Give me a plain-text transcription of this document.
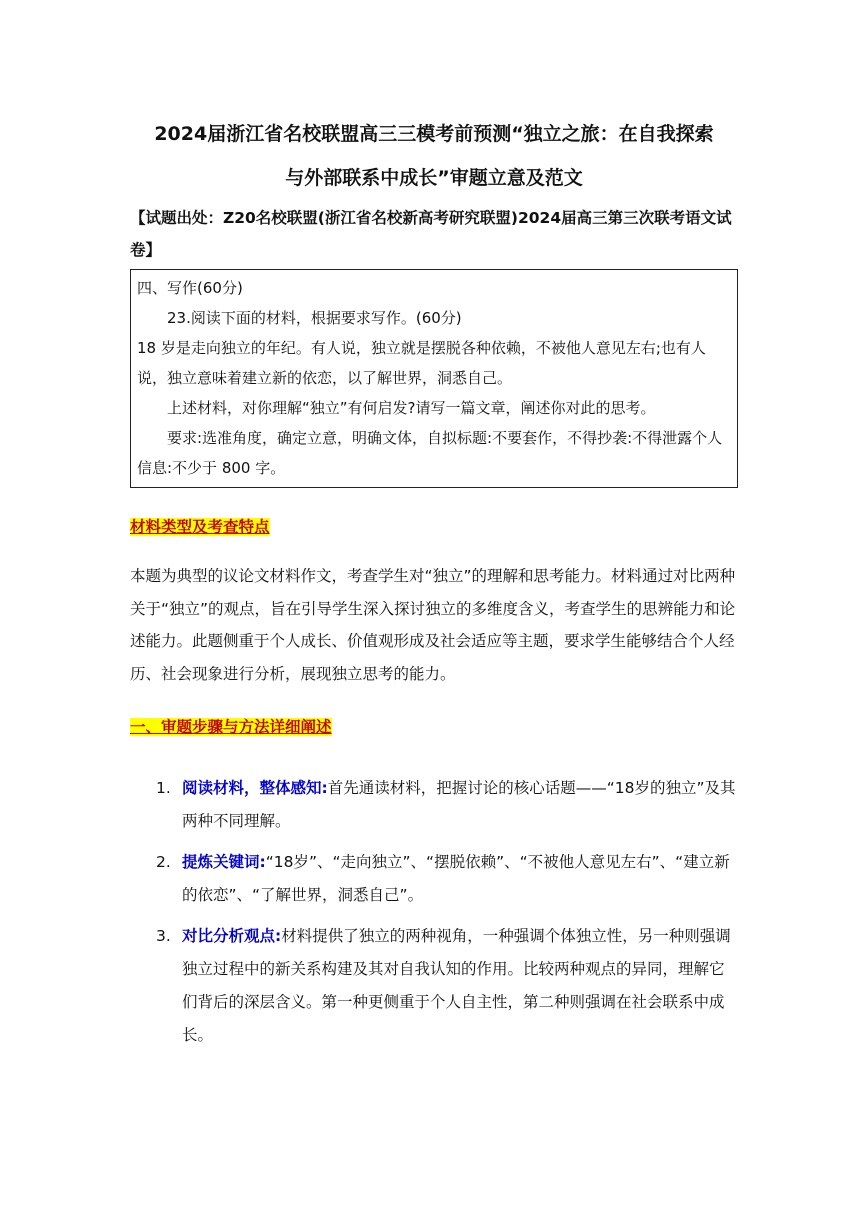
2024届浙江省名校联盟高三三模考前预测“独立之旅：在自我探索
与外部联系中成长”审题立意及范文

【试题出处：Z20名校联盟(浙江省名校新高考研究联盟)2024届高三第三次联考语文试卷】

四、写作(60分)

23.阅读下面的材料，根据要求写作。(60分)

18 岁是走向独立的年纪。有人说，独立就是摆脱各种依赖，不被他人意见左右;也有人说，独立意味着建立新的依恋，以了解世界，洞悉自己。

上述材料，对你理解“独立”有何启发?请写一篇文章，阐述你对此的思考。

要求:选准角度，确定立意，明确文体，自拟标题:不要套作，不得抄袭:不得泄露个人信息:不少于 800 字。

材料类型及考查特点

本题为典型的议论文材料作文，考查学生对“独立”的理解和思考能力。材料通过对比两种关于“独立”的观点，旨在引导学生深入探讨独立的多维度含义，考查学生的思辨能力和论述能力。此题侧重于个人成长、价值观形成及社会适应等主题，要求学生能够结合个人经历、社会现象进行分析，展现独立思考的能力。

一、审题步骤与方法详细阐述
1. 阅读材料，整体感知:首先通读材料，把握讨论的核心话题——“18岁的独立”及其两种不同理解。
2. 提炼关键词:“18岁”、“走向独立”、“摆脱依赖”、“不被他人意见左右”、“建立新的依恋”、“了解世界，洞悉自己”。
3. 对比分析观点:材料提供了独立的两种视角，一种强调个体独立性，另一种则强调独立过程中的新关系构建及其对自我认知的作用。比较两种观点的异同，理解它们背后的深层含义。第一种更侧重于个人自主性，第二种则强调在社会联系中成长。
